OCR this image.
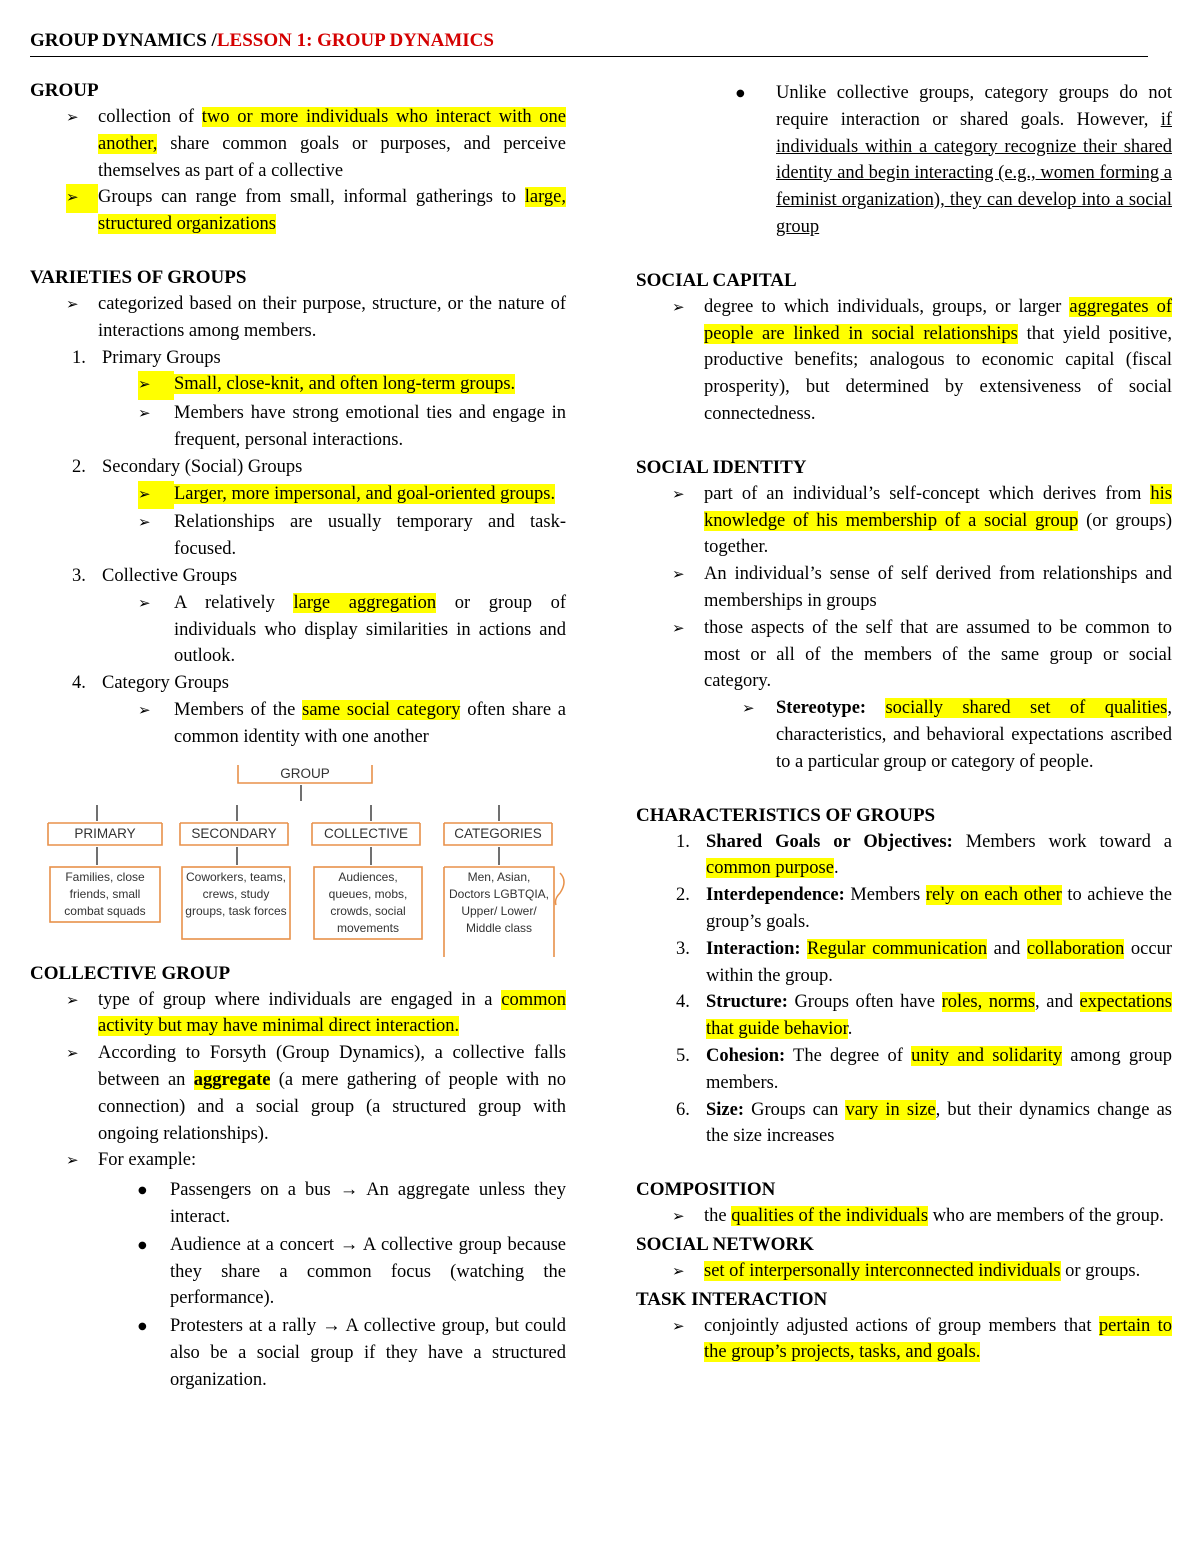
GROUP DYNAMICS /LESSON 1: GROUP DYNAMICS

GROUP

➢
collection of two or more individuals who interact with one another, share common goals or purposes, and perceive themselves as part of a collective
➢
Groups can range from small, informal gatherings to large, structured organizations

VARIETIES OF GROUPS

➢
categorized based on their purpose, structure, or the nature of interactions among members.
1. Primary Groups
➢
Small, close-knit, and often long-term groups.
➢
Members have strong emotional ties and engage in frequent, personal interactions.
2. Secondary (Social) Groups
➢
Larger, more impersonal, and goal-oriented groups.
➢
Relationships are usually temporary and task-focused.
3. Collective Groups
➢
A relatively large aggregation or group of individuals who display similarities in actions and outlook.
4. Category Groups
➢
Members of the same social category often share a common identity with one another
GROUP
PRIMARY	SECONDARY	COLLECTIVE	CATEGORIES
Families, close friends, small combat squads
Coworkers, teams, crews, study groups, task forces
Audiences, queues, mobs, crowds, social movements
Men, Asian, Doctors LGBTQIA, Upper/ Lower/ Middle class

COLLECTIVE GROUP

➢
type of group where individuals are engaged in a common activity but may have minimal direct interaction.
➢
According to Forsyth (Group Dynamics), a collective falls between an aggregate (a mere gathering of people with no connection) and a social group (a structured group with ongoing relationships).
➢
For example:
●
Passengers on a bus → An aggregate unless they interact.
●
Audience at a concert → A collective group because they share a common focus (watching the performance).
●
Protesters at a rally → A collective group, but could also be a social group if they have a structured organization.
●
Unlike collective groups, category groups do not require interaction or shared goals. However, if individuals within a category recognize their shared identity and begin interacting (e.g., women forming a feminist organization), they can develop into a social group

SOCIAL CAPITAL

➢
degree to which individuals, groups, or larger aggregates of people are linked in social relationships that yield positive, productive benefits; analogous to economic capital (fiscal prosperity), but determined by extensiveness of social connectedness.

SOCIAL IDENTITY

➢
part of an individual’s self-concept which derives from his knowledge of his membership of a social group (or groups) together.
➢
An individual’s sense of self derived from relationships and memberships in groups
➢
those aspects of the self that are assumed to be common to most or all of the members of the same group or social category.
➢
Stereotype: socially shared set of qualities, characteristics, and behavioral expectations ascribed to a particular group or category of people.

CHARACTERISTICS OF GROUPS

1. Shared Goals or Objectives: Members work toward a common purpose.
2. Interdependence: Members rely on each other to achieve the group’s goals.
3. Interaction: Regular communication and collaboration occur within the group.
4. Structure: Groups often have roles, norms, and expectations that guide behavior.
5. Cohesion: The degree of unity and solidarity among group members.
6. Size: Groups can vary in size, but their dynamics change as the size increases

COMPOSITION

➢
the qualities of the individuals who are members of the group.

SOCIAL NETWORK

➢
set of interpersonally interconnected individuals or groups.

TASK INTERACTION

➢
conjointly adjusted actions of group members that pertain to the group’s projects, tasks, and goals.
